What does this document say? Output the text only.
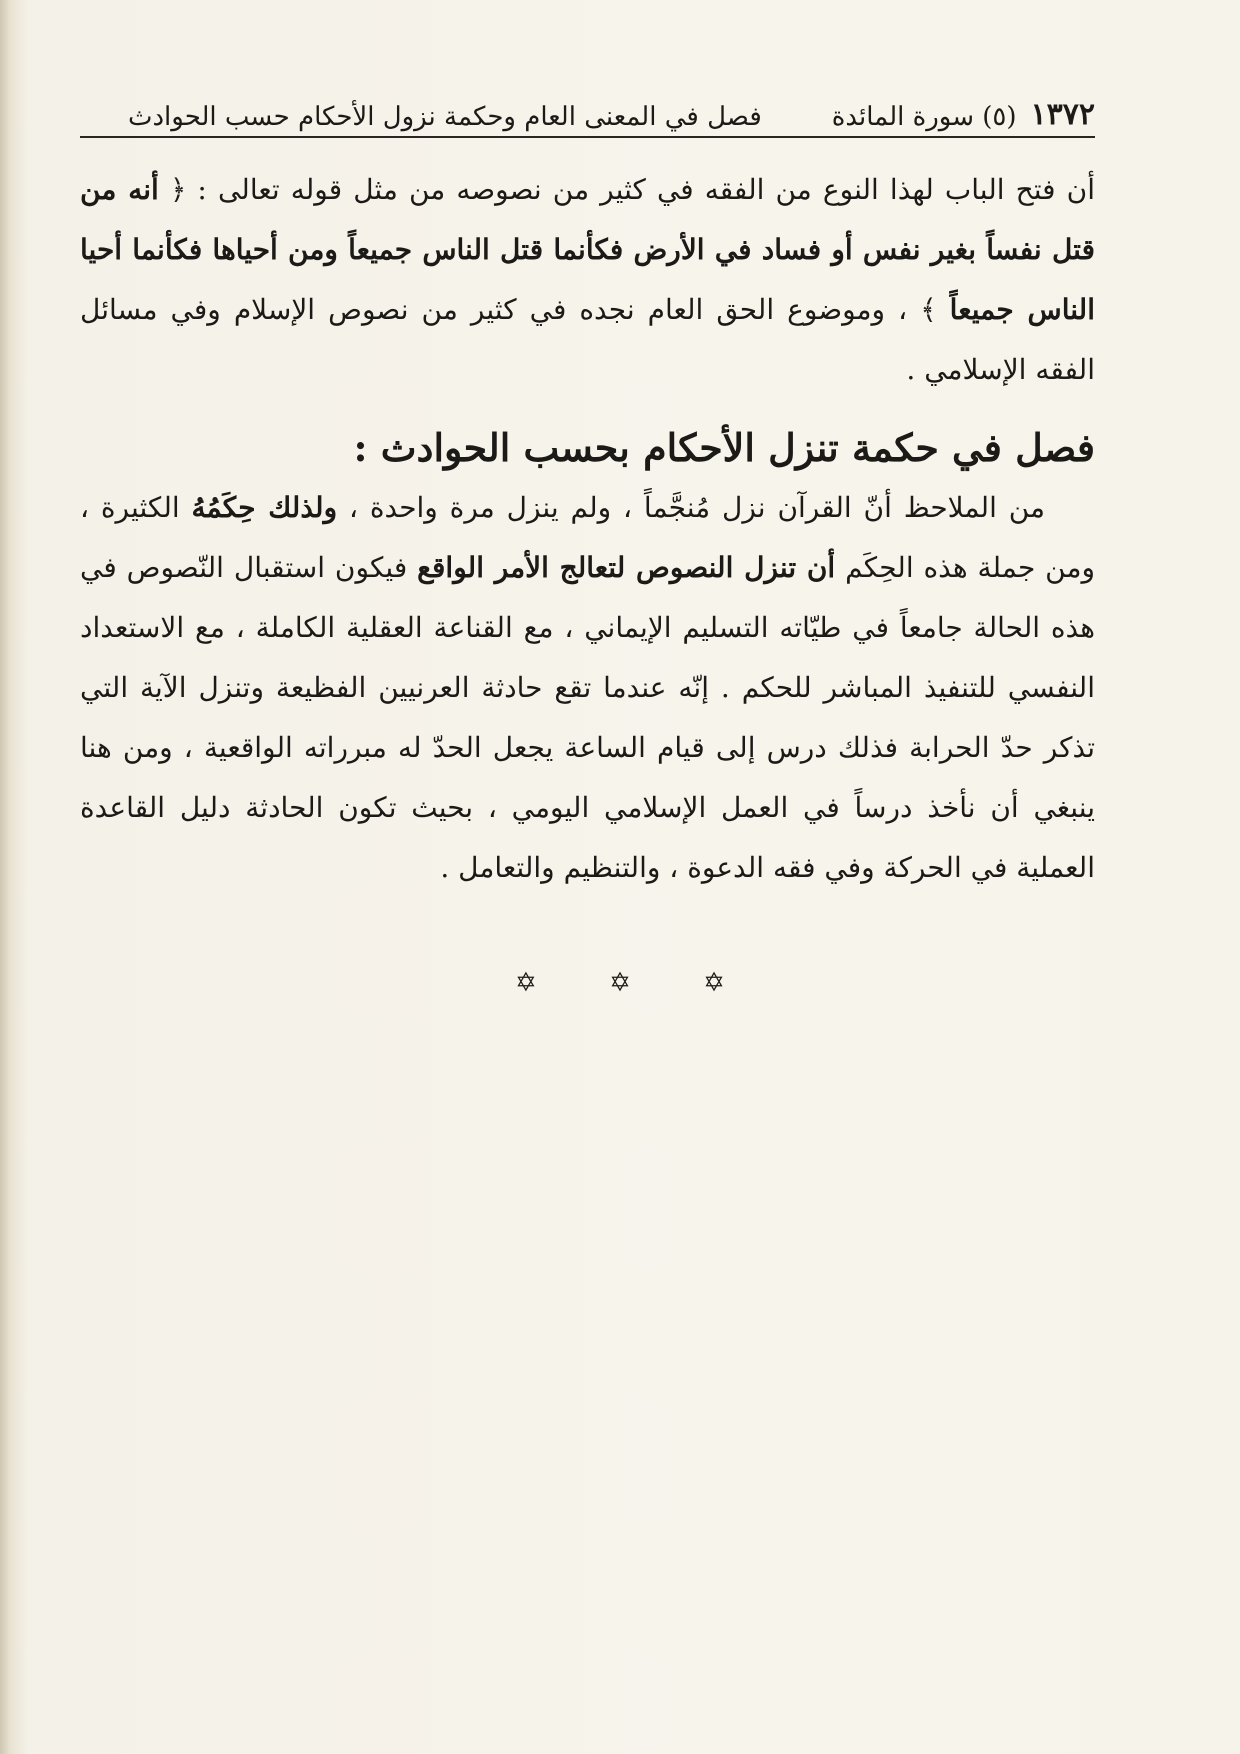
١٣٧٢
(٥) سورة المائدة
فصل في المعنى العام وحكمة نزول الأحكام حسب الحوادث
أن فتح الباب لهذا النوع من الفقه في كثير من نصوصه من مثل قوله تعالى : ﴿ أنه من قتل نفساً بغير نفس أو فساد في الأرض فكأنما قتل الناس جميعاً ومن أحياها فكأنما أحيا الناس جميعاً ﴾ ، وموضوع الحق العام نجده في كثير من نصوص الإسلام وفي مسائل الفقه الإسلامي .
فصل في حكمة تنزل الأحكام بحسب الحوادث :
من الملاحظ أنّ القرآن نزل مُنجَّماً ، ولم ينزل مرة واحدة ، ولذلك حِكَمُهُ الكثيرة ، ومن جملة هذه الحِكَم أن تنزل النصوص لتعالج الأمر الواقع فيكون استقبال النّصوص في هذه الحالة جامعاً في طيّاته التسليم الإيماني ، مع القناعة العقلية الكاملة ، مع الاستعداد النفسي للتنفيذ المباشر للحكم . إنّه عندما تقع حادثة العرنيين الفظيعة وتنزل الآية التي تذكر حدّ الحرابة فذلك درس إلى قيام الساعة يجعل الحدّ له مبرراته الواقعية ، ومن هنا ينبغي أن نأخذ درساً في العمل الإسلامي اليومي ، بحيث تكون الحادثة دليل القاعدة العملية في الحركة وفي فقه الدعوة ، والتنظيم والتعامل .
✡	✡	✡
